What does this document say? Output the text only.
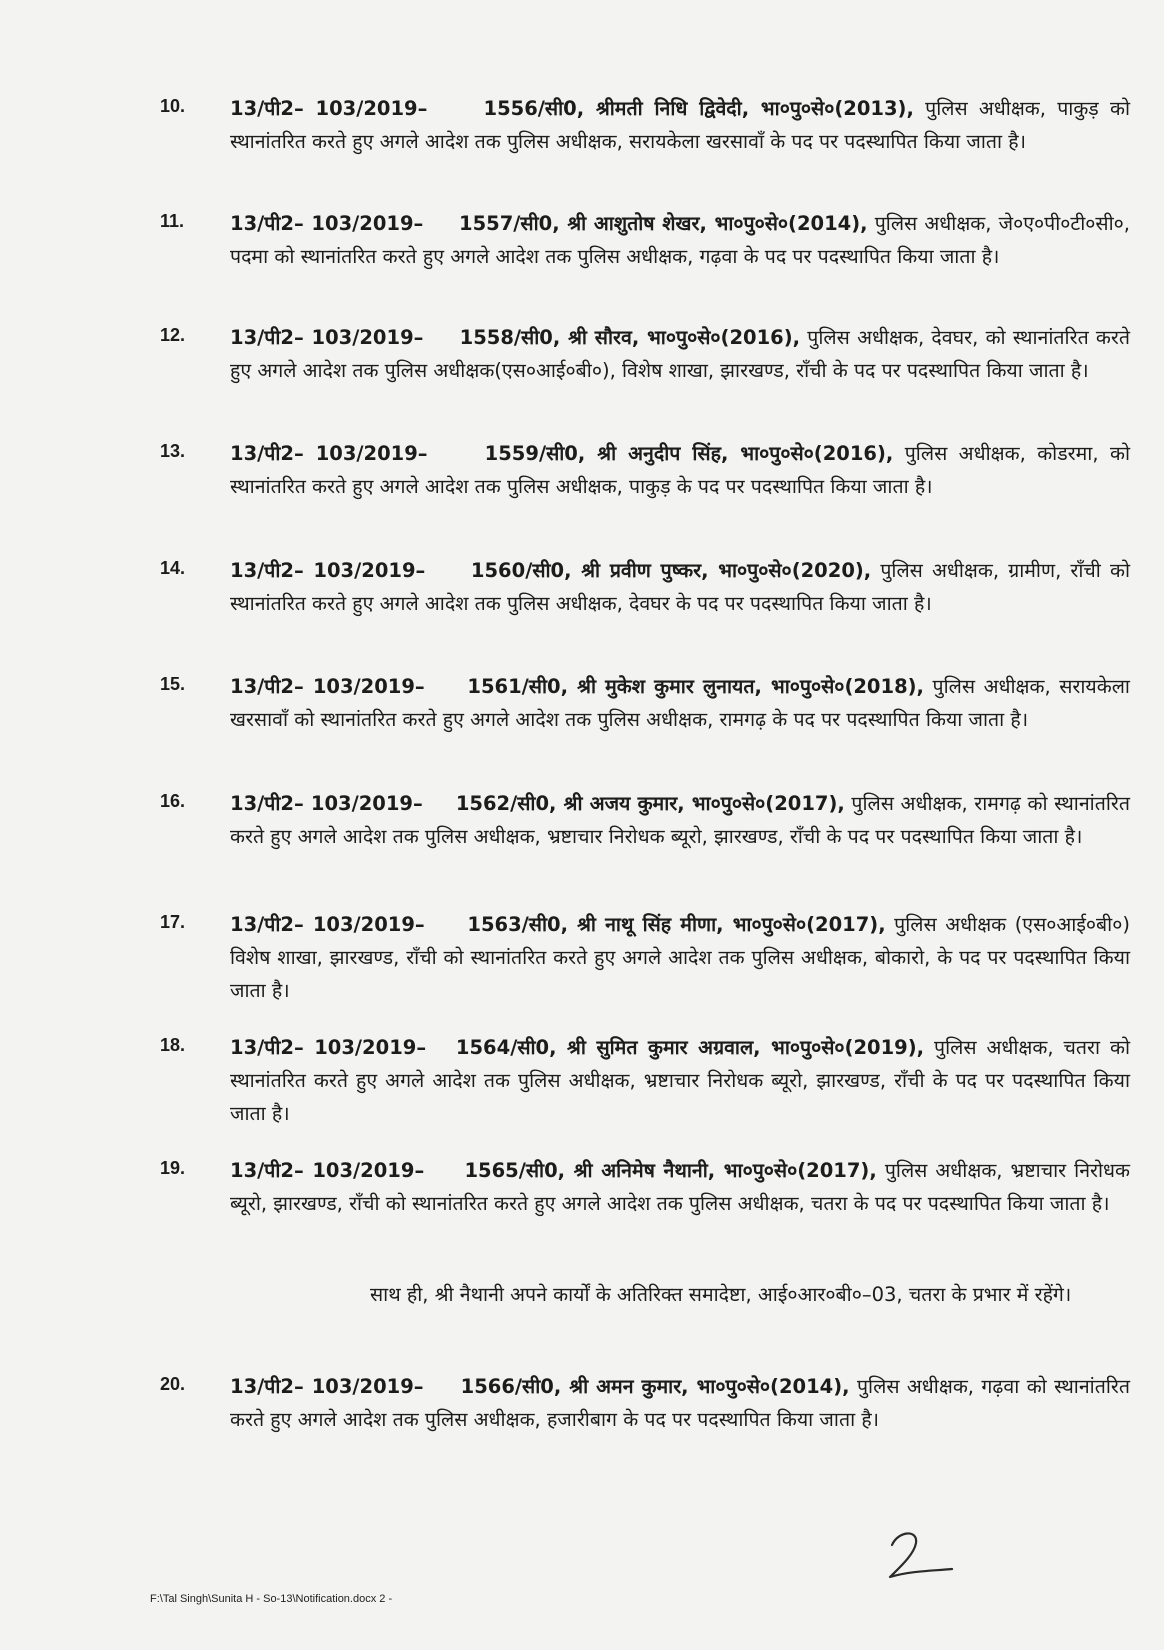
10. 13/पी2– 103/2019–	1556/सी0, श्रीमती निधि द्विवेदी, भा०पु०से०(2013), पुलिस अधीक्षक, पाकुड़ को स्थानांतरित करते हुए अगले आदेश तक पुलिस अधीक्षक, सरायकेला खरसावाँ के पद पर पदस्थापित किया जाता है।
11. 13/पी2– 103/2019– 1557/सी0, श्री आशुतोष शेखर, भा०पु०से०(2014), पुलिस अधीक्षक, जे०ए०पी०टी०सी०, पदमा को स्थानांतरित करते हुए अगले आदेश तक पुलिस अधीक्षक, गढ़वा के पद पर पदस्थापित किया जाता है।
12. 13/पी2– 103/2019– 1558/सी0, श्री सौरव, भा०पु०से०(2016), पुलिस अधीक्षक, देवघर, को स्थानांतरित करते हुए अगले आदेश तक पुलिस अधीक्षक(एस०आई०बी०), विशेष शाखा, झारखण्ड, राँची के पद पर पदस्थापित किया जाता है।
13. 13/पी2– 103/2019–	1559/सी0, श्री अनुदीप सिंह, भा०पु०से०(2016), पुलिस अधीक्षक, कोडरमा, को स्थानांतरित करते हुए अगले आदेश तक पुलिस अधीक्षक, पाकुड़ के पद पर पदस्थापित किया जाता है।
14. 13/पी2– 103/2019– 1560/सी0, श्री प्रवीण पुष्कर, भा०पु०से०(2020), पुलिस अधीक्षक, ग्रामीण, राँची को स्थानांतरित करते हुए अगले आदेश तक पुलिस अधीक्षक, देवघर के पद पर पदस्थापित किया जाता है।
15. 13/पी2– 103/2019– 1561/सी0, श्री मुकेश कुमार लुनायत, भा०पु०से०(2018), पुलिस अधीक्षक, सरायकेला खरसावाँ को स्थानांतरित करते हुए अगले आदेश तक पुलिस अधीक्षक, रामगढ़ के पद पर पदस्थापित किया जाता है।
16. 13/पी2– 103/2019– 1562/सी0, श्री अजय कुमार, भा०पु०से०(2017), पुलिस अधीक्षक, रामगढ़ को स्थानांतरित करते हुए अगले आदेश तक पुलिस अधीक्षक, भ्रष्टाचार निरोधक ब्यूरो, झारखण्ड, राँची के पद पर पदस्थापित किया जाता है।
17. 13/पी2– 103/2019– 1563/सी0, श्री नाथू सिंह मीणा, भा०पु०से०(2017), पुलिस अधीक्षक (एस०आई०बी०) विशेष शाखा, झारखण्ड, राँची को स्थानांतरित करते हुए अगले आदेश तक पुलिस अधीक्षक, बोकारो, के पद पर पदस्थापित किया जाता है।
18. 13/पी2– 103/2019– 1564/सी0, श्री सुमित कुमार अग्रवाल, भा०पु०से०(2019), पुलिस अधीक्षक, चतरा को स्थानांतरित करते हुए अगले आदेश तक पुलिस अधीक्षक, भ्रष्टाचार निरोधक ब्यूरो, झारखण्ड, राँची के पद पर पदस्थापित किया जाता है।
19. 13/पी2– 103/2019– 1565/सी0, श्री अनिमेष नैथानी, भा०पु०से०(2017), पुलिस अधीक्षक, भ्रष्टाचार निरोधक ब्यूरो, झारखण्ड, राँची को स्थानांतरित करते हुए अगले आदेश तक पुलिस अधीक्षक, चतरा के पद पर पदस्थापित किया जाता है।
साथ ही, श्री नैथानी अपने कार्यों के अतिरिक्त समादेष्टा, आई०आर०बी०–03, चतरा के प्रभार में रहेंगे।
20. 13/पी2– 103/2019– 1566/सी0, श्री अमन कुमार, भा०पु०से०(2014), पुलिस अधीक्षक, गढ़वा को स्थानांतरित करते हुए अगले आदेश तक पुलिस अधीक्षक, हजारीबाग के पद पर पदस्थापित किया जाता है।
F:\Tal Singh\Sunita H - So-13\Notification.docx 2 -
